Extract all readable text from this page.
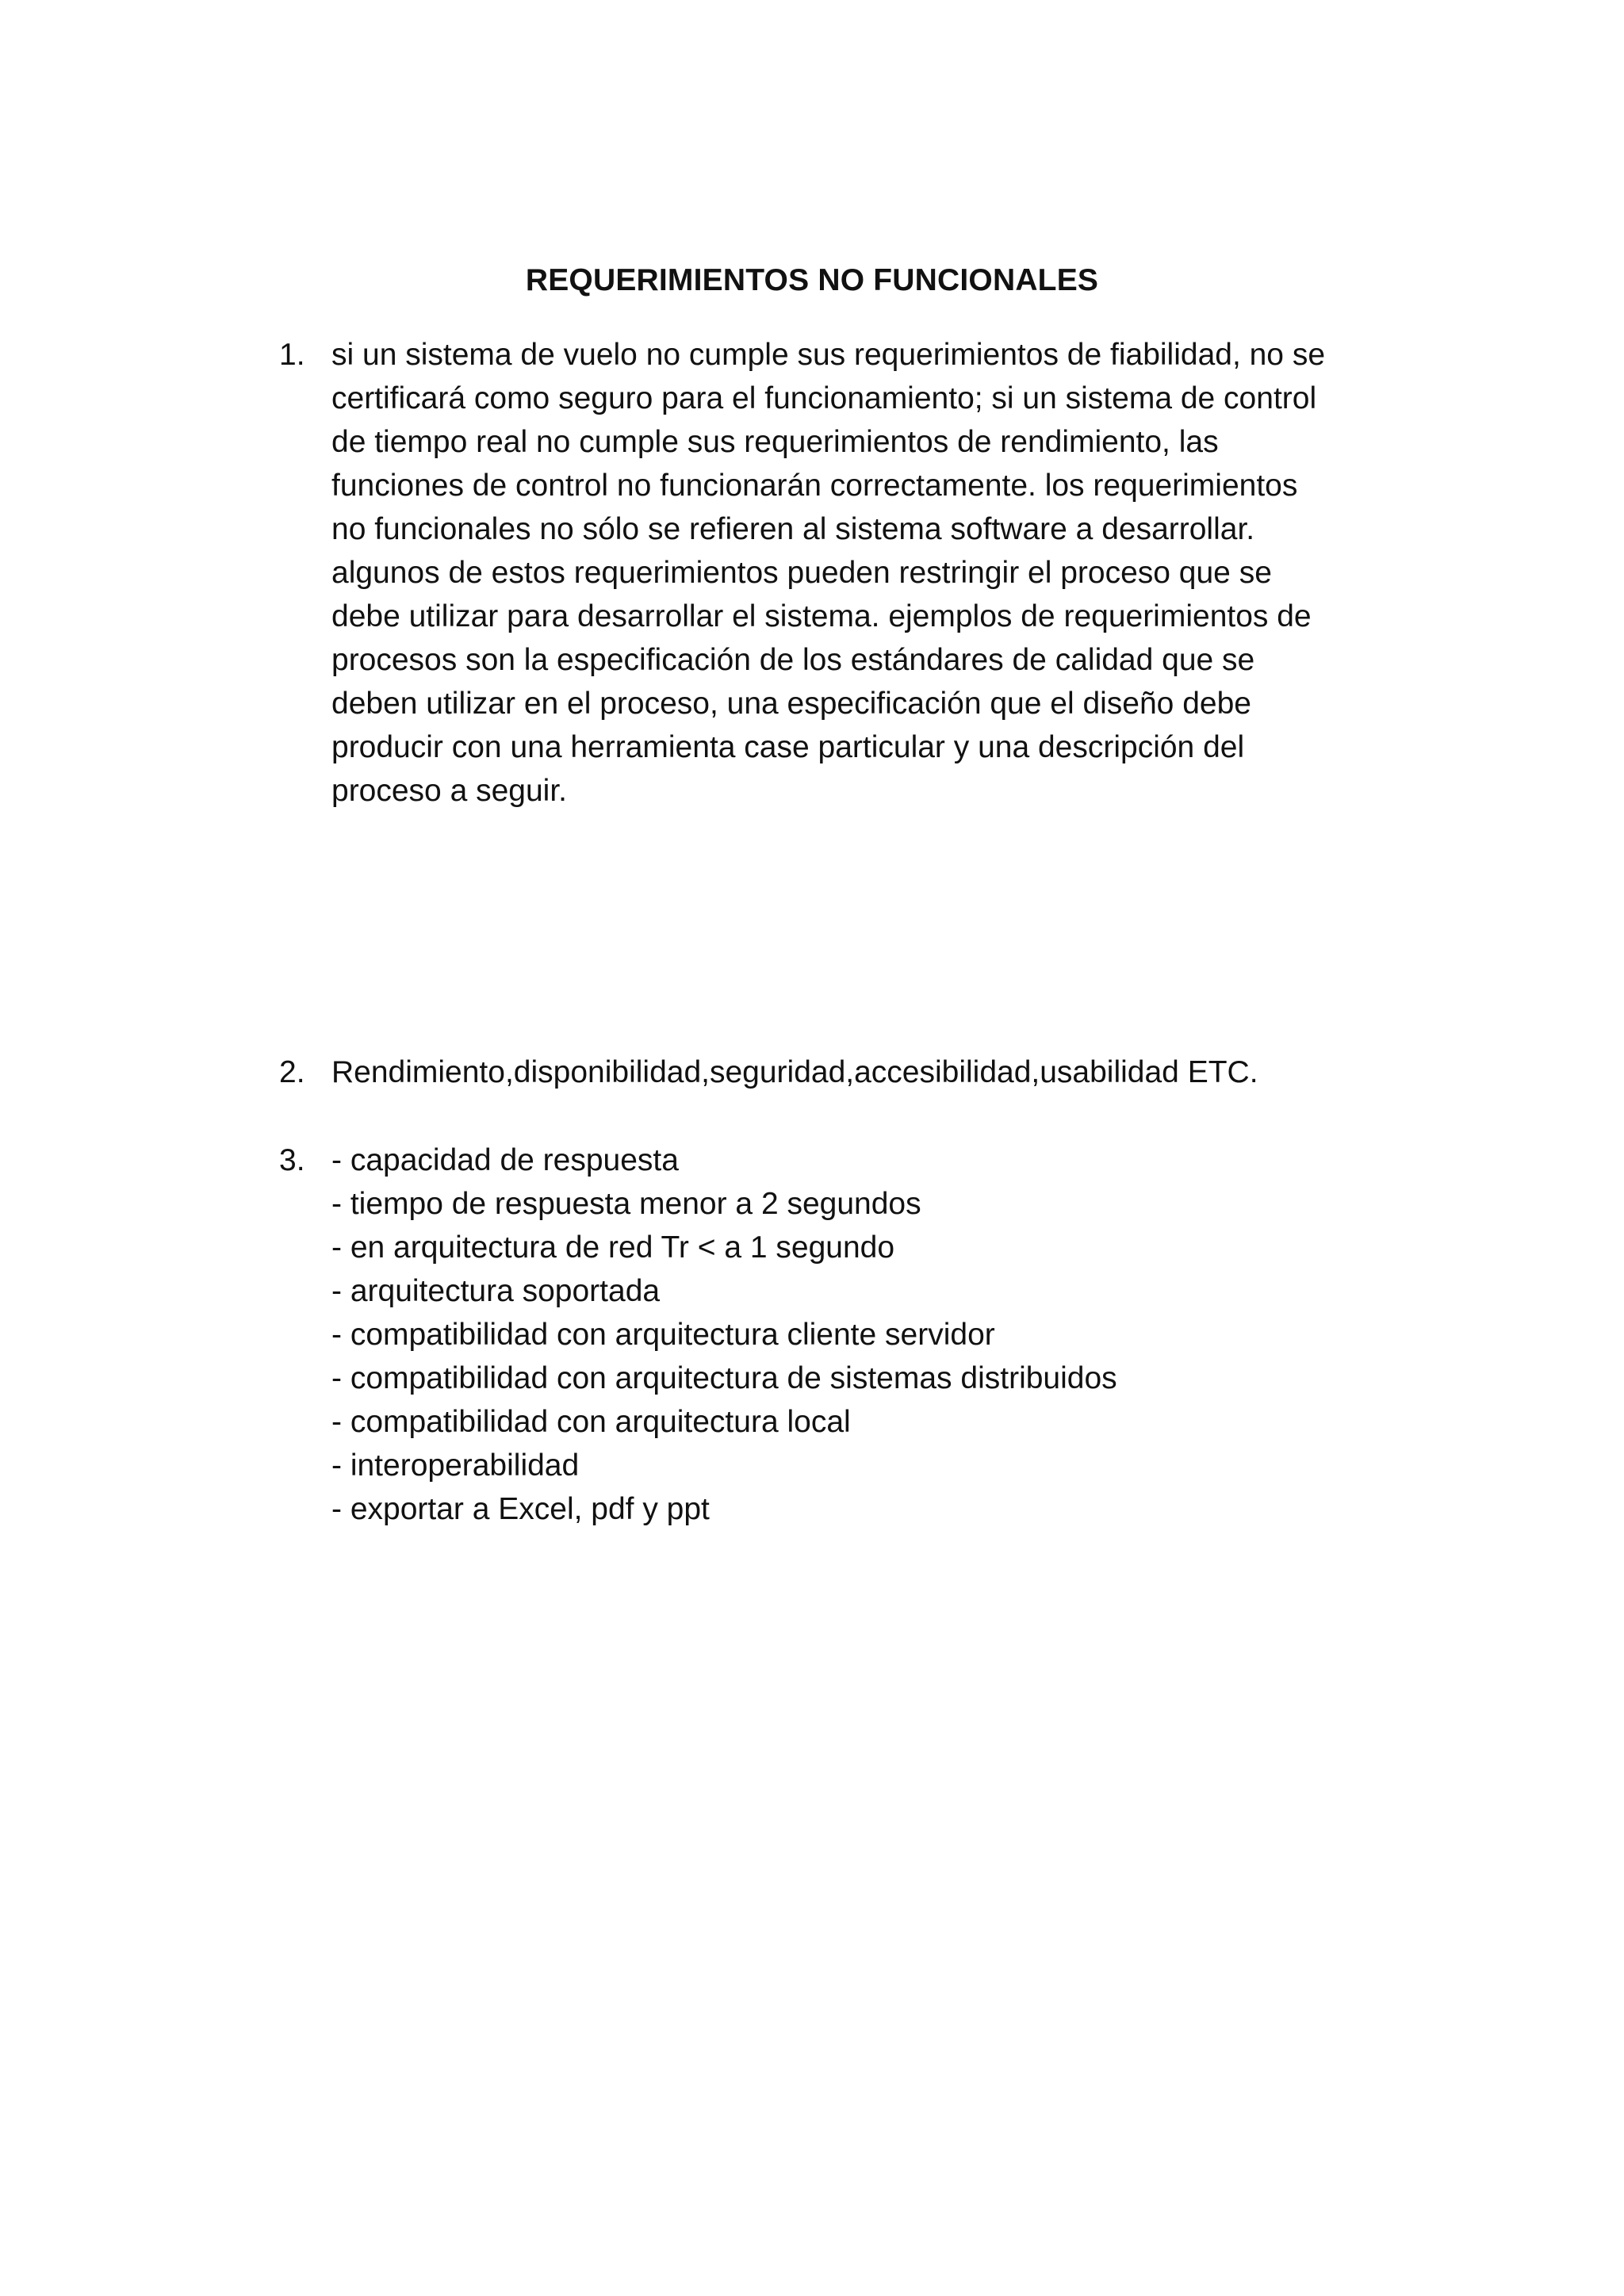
REQUERIMIENTOS NO FUNCIONALES
1. si un sistema de vuelo no cumple sus requerimientos de fiabilidad, no se
certificará como seguro para el funcionamiento; si un sistema de control
de tiempo real no cumple sus requerimientos de rendimiento, las
funciones de control no funcionarán correctamente. los requerimientos
no funcionales no sólo se refieren al sistema software a desarrollar.
algunos de estos requerimientos pueden restringir el proceso que se
debe utilizar para desarrollar el sistema. ejemplos de requerimientos de
procesos son la especificación de los estándares de calidad que se
deben utilizar en el proceso, una especificación que el diseño debe
producir con una herramienta case particular y una descripción del
proceso a seguir.
2. Rendimiento,disponibilidad,seguridad,accesibilidad,usabilidad ETC.
3. - capacidad de respuesta
- tiempo de respuesta menor a 2 segundos
- en arquitectura de red Tr < a 1 segundo
- arquitectura soportada
- compatibilidad con arquitectura cliente servidor
- compatibilidad con arquitectura de sistemas distribuidos
- compatibilidad con arquitectura local
- interoperabilidad
- exportar a Excel, pdf y ppt
